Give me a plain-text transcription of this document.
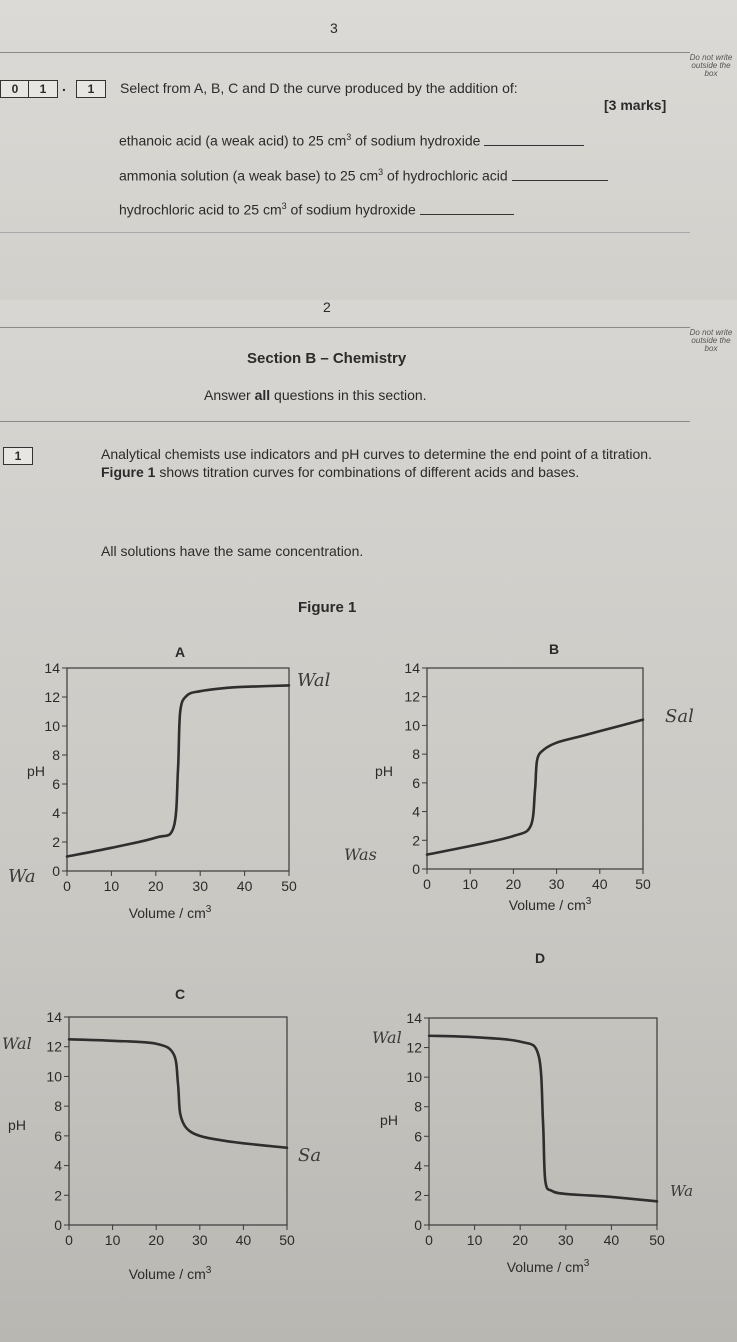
3
Do not write outside the box
0	1	.	1	Select from A, B, C and D the curve produced by the addition of:
[3 marks]
ethanoic acid (a weak acid) to 25 $cm^3$ of sodium hydroxide
ammonia solution (a weak base) to 25 $cm^3$ of hydrochloric acid
hydrochloric acid to 25 $cm^3$ of sodium hydroxide
2
Do not write outside the box
Section B – Chemistry
Answer all questions in this section.
1	Analytical chemists use indicators and pH curves to determine the end point of a titration. Figure 1 shows titration curves for combinations of different acids and bases.
All solutions have the same concentration.
Figure 1
A
0
2
4
6
8
10
12
14
0 10 20 30 40 50
pH
Volume / $cm^3$
B
0
2
4
6
8
10
12
14
0 10 20 30 40 50
pH
Volume / $cm^3$
C
0
2
4
6
8
10
12
14
0 10 20 30 40 50
pH
Volume / $cm^3$
D
0
2
4
6
8
10
12
14
0 10 20 30 40 50
pH
Volume / $cm^3$
Wal
Wa
Sal
Was
Wal
Sa
Wal
Wa
